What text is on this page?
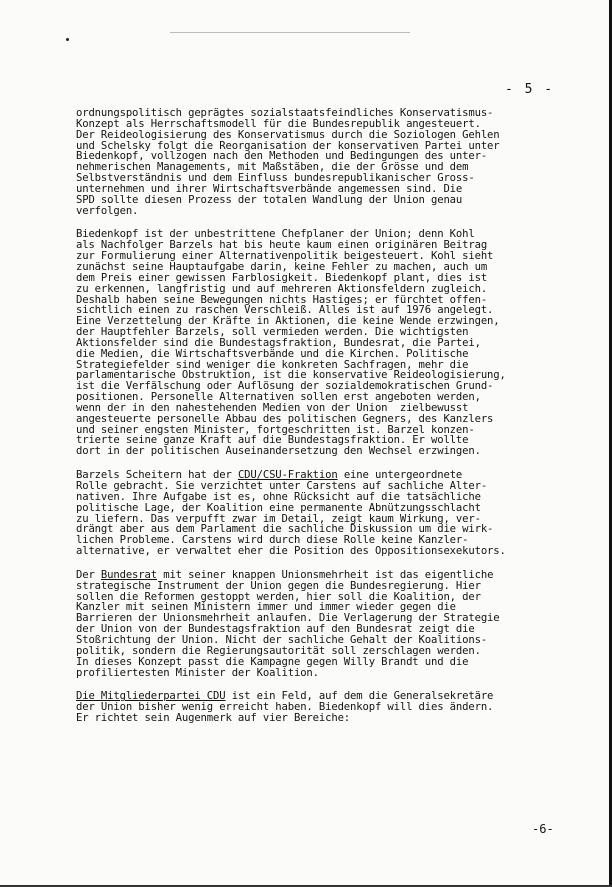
- 5 -
ordnungspolitisch geprägtes sozialstaatsfeindliches Konservatismus-
Konzept als Herrschaftsmodell für die Bundesrepublik angesteuert.
Der Reideologisierung des Konservatismus durch die Soziologen Gehlen
und Schelsky folgt die Reorganisation der konservativen Partei unter
Biedenkopf, vollzogen nach den Methoden und Bedingungen des unter-
nehmerischen Managements, mit Maßstäben, die der Grösse und dem
Selbstverständnis und dem Einfluss bundesrepublikanischer Gross-
unternehmen und ihrer Wirtschaftsverbände angemessen sind. Die
SPD sollte diesen Prozess der totalen Wandlung der Union genau
verfolgen.
Biedenkopf ist der unbestrittene Chefplaner der Union; denn Kohl
als Nachfolger Barzels hat bis heute kaum einen originären Beitrag
zur Formulierung einer Alternativenpolitik beigesteuert. Kohl sieht
zunächst seine Hauptaufgabe darin, keine Fehler zu machen, auch um
dem Preis einer gewissen Farblosigkeit. Biedenkopf plant, dies ist
zu erkennen, langfristig und auf mehreren Aktionsfeldern zugleich.
Deshalb haben seine Bewegungen nichts Hastiges; er fürchtet offen-
sichtlich einen zu raschen Verschleiß. Alles ist auf 1976 angelegt.
Eine Verzettelung der Kräfte in Aktionen, die keine Wende erzwingen,
der Hauptfehler Barzels, soll vermieden werden. Die wichtigsten
Aktionsfelder sind die Bundestagsfraktion, Bundesrat, die Partei,
die Medien, die Wirtschaftsverbände und die Kirchen. Politische
Strategiefelder sind weniger die konkreten Sachfragen, mehr die
parlamentarische Obstruktion, ist die konservative Reideologisierung,
ist die Verfälschung oder Auflösung der sozialdemokratischen Grund-
positionen. Personelle Alternativen sollen erst angeboten werden,
wenn der in den nahestehenden Medien von der Union  zielbewusst
angesteuerte personelle Abbau des politischen Gegners, des Kanzlers
und seiner engsten Minister, fortgeschritten ist. Barzel konzen-
trierte seine ganze Kraft auf die Bundestagsfraktion. Er wollte
dort in der politischen Auseinandersetzung den Wechsel erzwingen.
Barzels Scheitern hat der CDU/CSU-Fraktion eine untergeordnete
Rolle gebracht. Sie verzichtet unter Carstens auf sachliche Alter-
nativen. Ihre Aufgabe ist es, ohne Rücksicht auf die tatsächliche
politische Lage, der Koalition eine permanente Abnützungsschlacht
zu liefern. Das verpufft zwar im Detail, zeigt kaum Wirkung, ver-
drängt aber aus dem Parlament die sachliche Diskussion um die wirk-
lichen Probleme. Carstens wird durch diese Rolle keine Kanzler-
alternative, er verwaltet eher die Position des Oppositionsexekutors.
Der Bundesrat mit seiner knappen Unionsmehrheit ist das eigentliche
strategische Instrument der Union gegen die Bundesregierung. Hier
sollen die Reformen gestoppt werden, hier soll die Koalition, der
Kanzler mit seinen Ministern immer und immer wieder gegen die
Barrieren der Unionsmehrheit anlaufen. Die Verlagerung der Strategie
der Union von der Bundestagsfraktion auf den Bundesrat zeigt die
Stoßrichtung der Union. Nicht der sachliche Gehalt der Koalitions-
politik, sondern die Regierungsautorität soll zerschlagen werden.
In dieses Konzept passt die Kampagne gegen Willy Brandt und die
profiliertesten Minister der Koalition.
Die Mitgliederpartei CDU ist ein Feld, auf dem die Generalsekretäre
der Union bisher wenig erreicht haben. Biedenkopf will dies ändern.
Er richtet sein Augenmerk auf vier Bereiche:
-6-
